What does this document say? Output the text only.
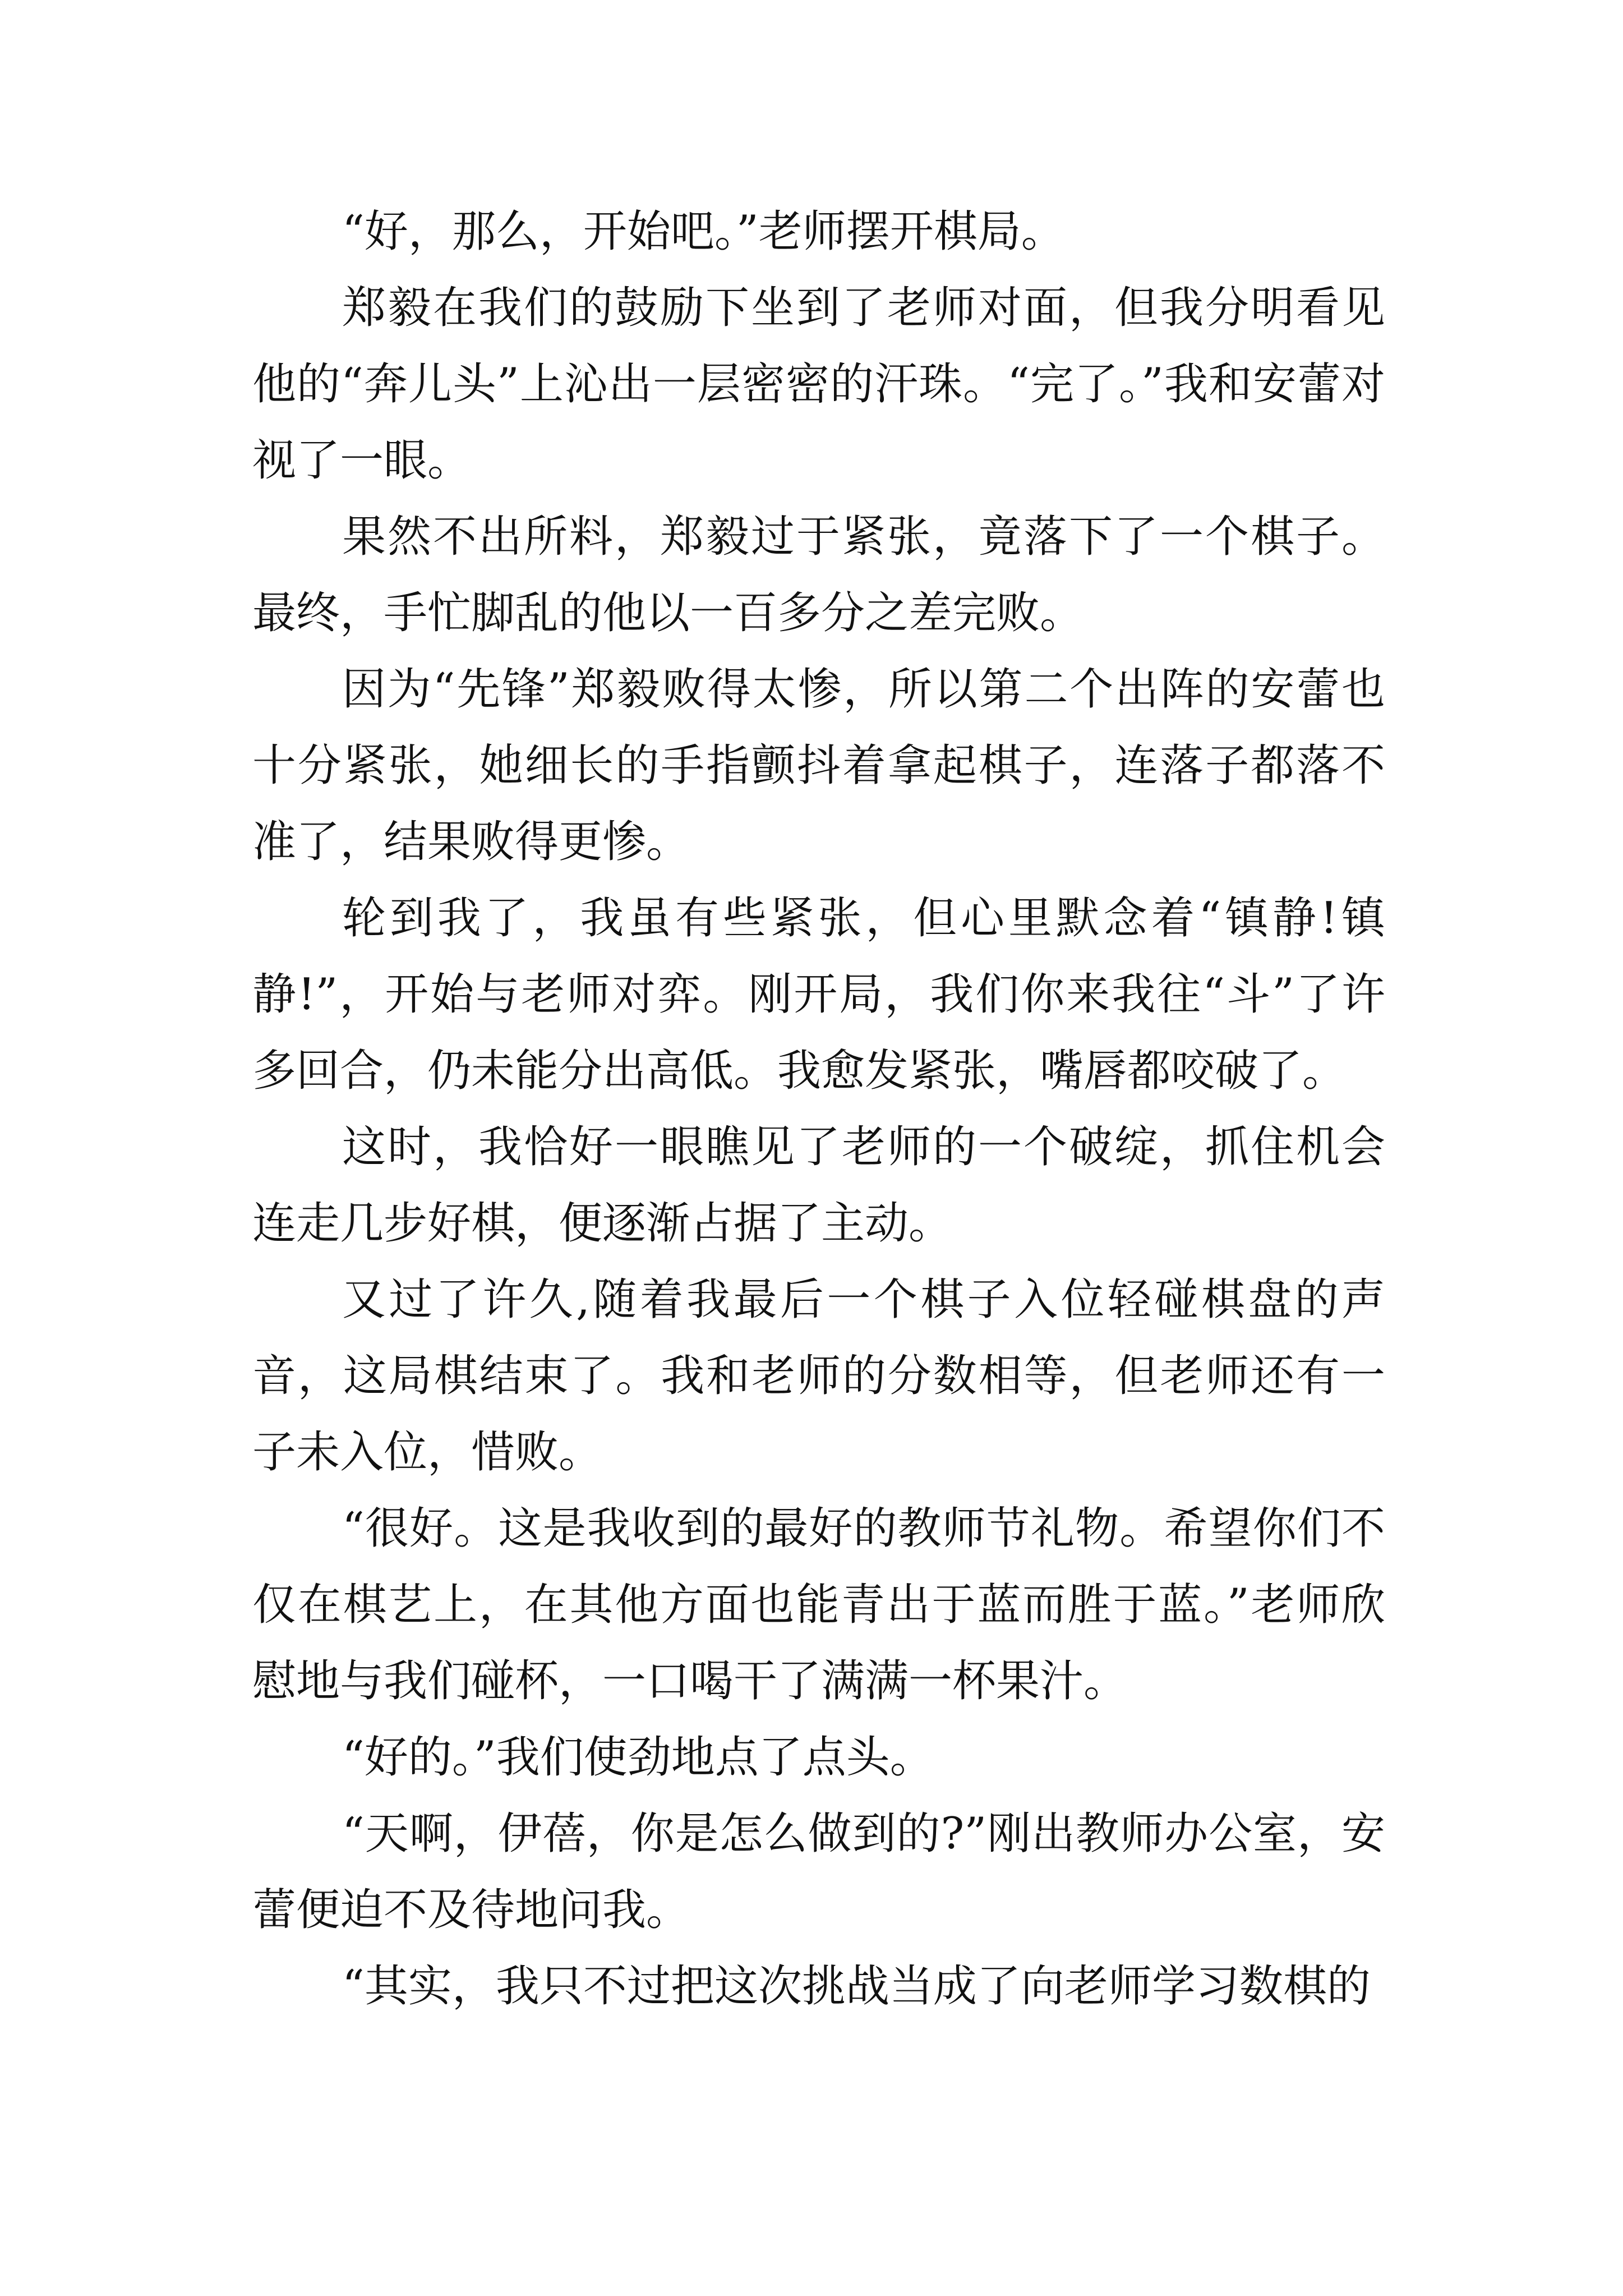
“好，那么，开始吧。”老师摆开棋局。

郑毅在我们的鼓励下坐到了老师对面，但我分明看见他的“奔儿头”上沁出一层密密的汗珠。“完了。”我和安蕾对视了一眼。

果然不出所料，郑毅过于紧张，竟落下了一个棋子。最终，手忙脚乱的他以一百多分之差完败。

因为“先锋”郑毅败得太惨，所以第二个出阵的安蕾也十分紧张，她细长的手指颤抖着拿起棋子，连落子都落不准了，结果败得更惨。

轮到我了，我虽有些紧张，但心里默念着“镇静!镇静!”，开始与老师对弈。刚开局，我们你来我往“斗”了许多回合，仍未能分出高低。我愈发紧张，嘴唇都咬破了。

这时，我恰好一眼瞧见了老师的一个破绽，抓住机会连走几步好棋，便逐渐占据了主动。

又过了许久,随着我最后一个棋子入位轻碰棋盘的声音，这局棋结束了。我和老师的分数相等，但老师还有一子未入位，惜败。

“很好。这是我收到的最好的教师节礼物。希望你们不仅在棋艺上，在其他方面也能青出于蓝而胜于蓝。”老师欣慰地与我们碰杯，一口喝干了满满一杯果汁。

“好的。”我们使劲地点了点头。

“天啊，伊蓓，你是怎么做到的?”刚出教师办公室，安蕾便迫不及待地问我。

“其实，我只不过把这次挑战当成了向老师学习数棋的
